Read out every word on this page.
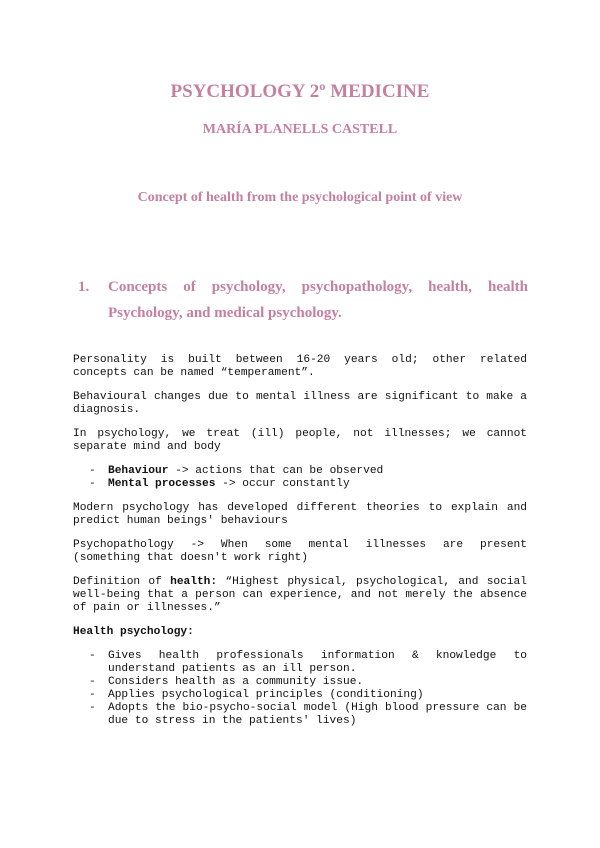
PSYCHOLOGY 2º MEDICINE
MARÍA PLANELLS CASTELL
Concept of health from the psychological point of view
1.	Concepts of psychology, psychopathology, health, health Psychology, and medical psychology.

Personality is built between 16-20 years old; other related concepts can be named “temperament”.

Behavioural changes due to mental illness are significant to make a diagnosis.

In psychology, we treat (ill) people, not illnesses; we cannot separate mind and body

-	Behaviour -> actions that can be observed
-	Mental processes -> occur constantly

Modern psychology has developed different theories to explain and predict human beings' behaviours

Psychopathology -> When some mental illnesses are present (something that doesn't work right)

Definition of health: “Highest physical, psychological, and social well-being that a person can experience, and not merely the absence of pain or illnesses.”

Health psychology:
-	Gives health professionals information & knowledge to understand patients as an ill person.
-	Considers health as a community issue.
-	Applies psychological principles (conditioning)
-	Adopts the bio-psycho-social model (High blood pressure can be due to stress in the patients' lives)
